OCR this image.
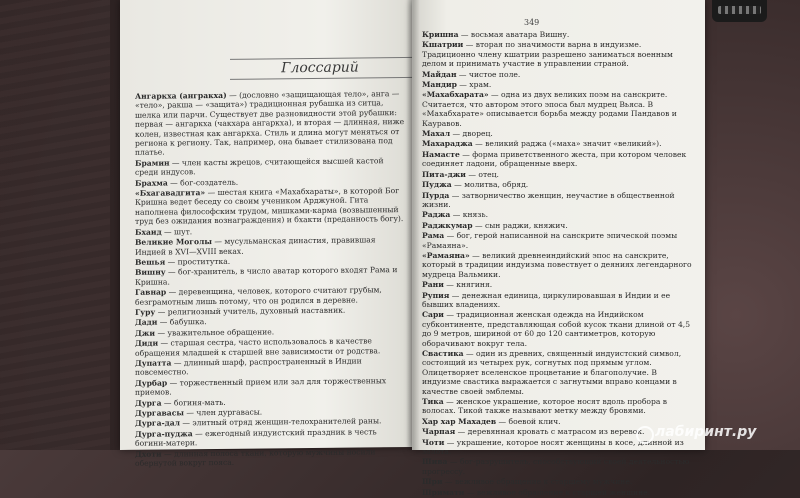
Глоссарий
Ангаркха (ангракха) — (дословно «защищающая тело», анга — «тело», ракша — «защита») традиционная рубашка из ситца, шелка или парчи. Существует две разновидности этой рубашки: первая — ангаркха (чакхара ангаркха), и вторая — длинная, ниже колен, известная как ангаркха. Стиль и длина могут меняться от региона к региону. Так, например, она бывает стилизована под платье.
Брамин — член касты жрецов, считающейся высшей кастой среди индусов.
Брахма — бог-создатель.
«Бхагавадгита» — шестая книга «Махабхараты», в которой Бог Кришна ведет беседу со своим учеником Арджуной. Гита наполнена философским трудом, мишками-карма (возвышенный труд без ожидания вознаграждения) и бхакти (преданность богу).
Бхаид — шут.
Великие Моголы — мусульманская династия, правившая Индией в XVI—XVIII веках.
Вешья — проститутка.
Вишну — бог-хранитель, в число аватар которого входят Рама и Кришна.
Гавнар — деревенщина, человек, которого считают грубым, безграмотным лишь потому, что он родился в деревне.
Гуру — религиозный учитель, духовный наставник.
Дади — бабушка.
Джи — уважительное обращение.
Диди — старшая сестра, часто использовалось в качестве обращения младшей к старшей вне зависимости от родства.
Дупатта — длинный шарф, распространенный в Индии повсеместно.
Дурбар — торжественный прием или зал для торжественных приемов.
Дурга — богиня-мать.
Дургавасы — член дургавасы.
Дурга-дал — элитный отряд женщин-телохранителей раны.
Дурга-пуджа — ежегодный индуистский праздник в честь богини-матери.
Дхоти — длинная полоса ткани, которую мужчины носили обернутой вокруг пояса.
349
Кришна — восьмая аватара Вишну.
Кшатрии — вторая по значимости варна в индуизме. Традиционно члену кшатрии разрешено заниматься военным делом и принимать участие в управлении страной.
Майдан — чистое поле.
Мандир — храм.
«Махабхарата» — одна из двух великих поэм на санскрите. Считается, что автором этого эпоса был мудрец Вьяса. В «Махабхарате» описывается борьба между родами Пандавов и Кауравов.
Махал — дворец.
Махараджа — великий раджа («маха» значит «великий»).
Намасте — форма приветственного жеста, при котором человек соединяет ладони, обращенные вверх.
Пита-джи — отец.
Пуджа — молитва, обряд.
Пурда — затворничество женщин, неучастие в общественной жизни.
Раджа — князь.
Раджкумар — сын раджи, княжич.
Рама — бог, герой написанной на санскрите эпической поэмы «Рамаяна».
«Рамаяна» — великий древнеиндийский эпос на санскрите, который в традиции индуизма повествует о деяниях легендарного мудреца Вальмики.
Рани — княгиня.
Рупия — денежная единица, циркулировавшая в Индии и ее бывших владениях.
Сари — традиционная женская одежда на Индийском субконтиненте, представляющая собой кусок ткани длиной от 4,5 до 9 метров, шириной от 60 до 120 сантиметров, которую оборачивают вокруг тела.
Свастика — один из древних, священный индуистский символ, состоящий из четырех рук, согнутых под прямым углом. Олицетворяет вселенское процветание и благополучие. В индуизме свастика выражается с загнутыми вправо концами в качестве своей эмблемы.
Тика — женское украшение, которое носят вдоль пробора в волосах. Тикой также называют метку между бровями.
Хар хар Махадев — боевой клич.
Чарпая — деревянная кровать с матрасом из веревок.
Чоти — украшение, которое носят женщины в косе, длинной из золота.
Шива — бог-разрушитель, способствующий своей деятельностью прогрессу.
Шри — вежливое обращение к старшему мужчине.
Шримати — вежливое обращение к старшей женщине.
лабиринт.ру
